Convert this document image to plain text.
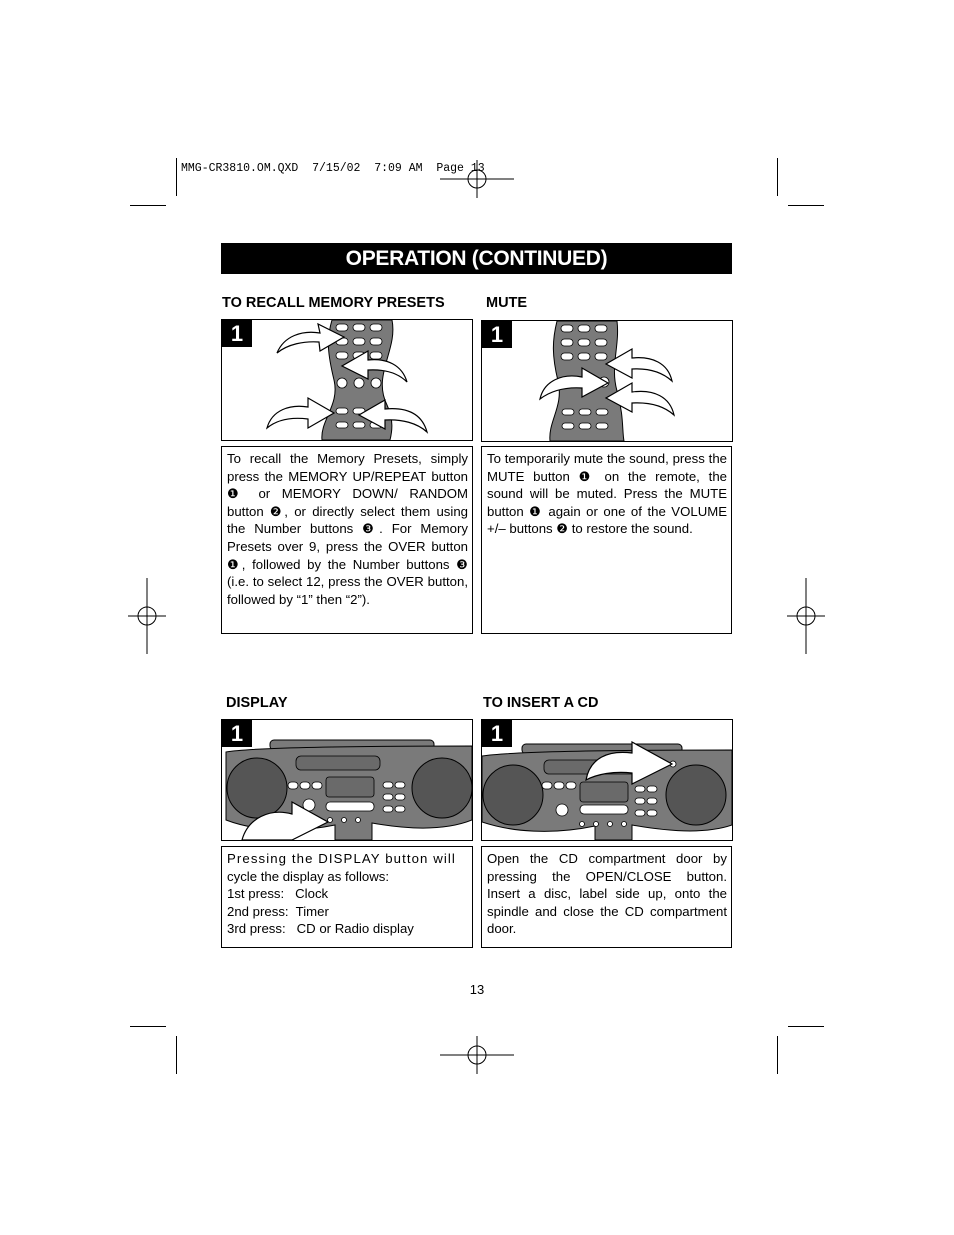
MMG-CR3810.OM.QXD  7/15/02  7:09 AM  Page 13
OPERATION (CONTINUED)
TO RECALL MEMORY PRESETS	MUTE
DISPLAY	TO INSERT A CD
1	1

To recall the Memory Presets, simply press the MEMORY UP/REPEAT button ❶ or MEMORY DOWN/ RANDOM button ❷, or directly select them using the Number buttons ❸. For Memory Presets over 9, press the OVER button ❶, followed by the Number buttons ❸ (i.e. to select 12, press the OVER button, followed by “1” then “2”).

To temporarily mute the sound, press the MUTE button ❶ on the remote, the sound will be muted. Press the MUTE button ❶ again or one of the VOLUME +/– buttons ❷ to restore the sound.

1	1
Pressing the DISPLAY button will
cycle the display as follows:
1st press:   Clock
2nd press:  Timer
3rd press:   CD or Radio display

Open the CD compartment door by pressing the OPEN/CLOSE button. Insert a disc, label side up, onto the spindle and close the CD compartment door.

13
